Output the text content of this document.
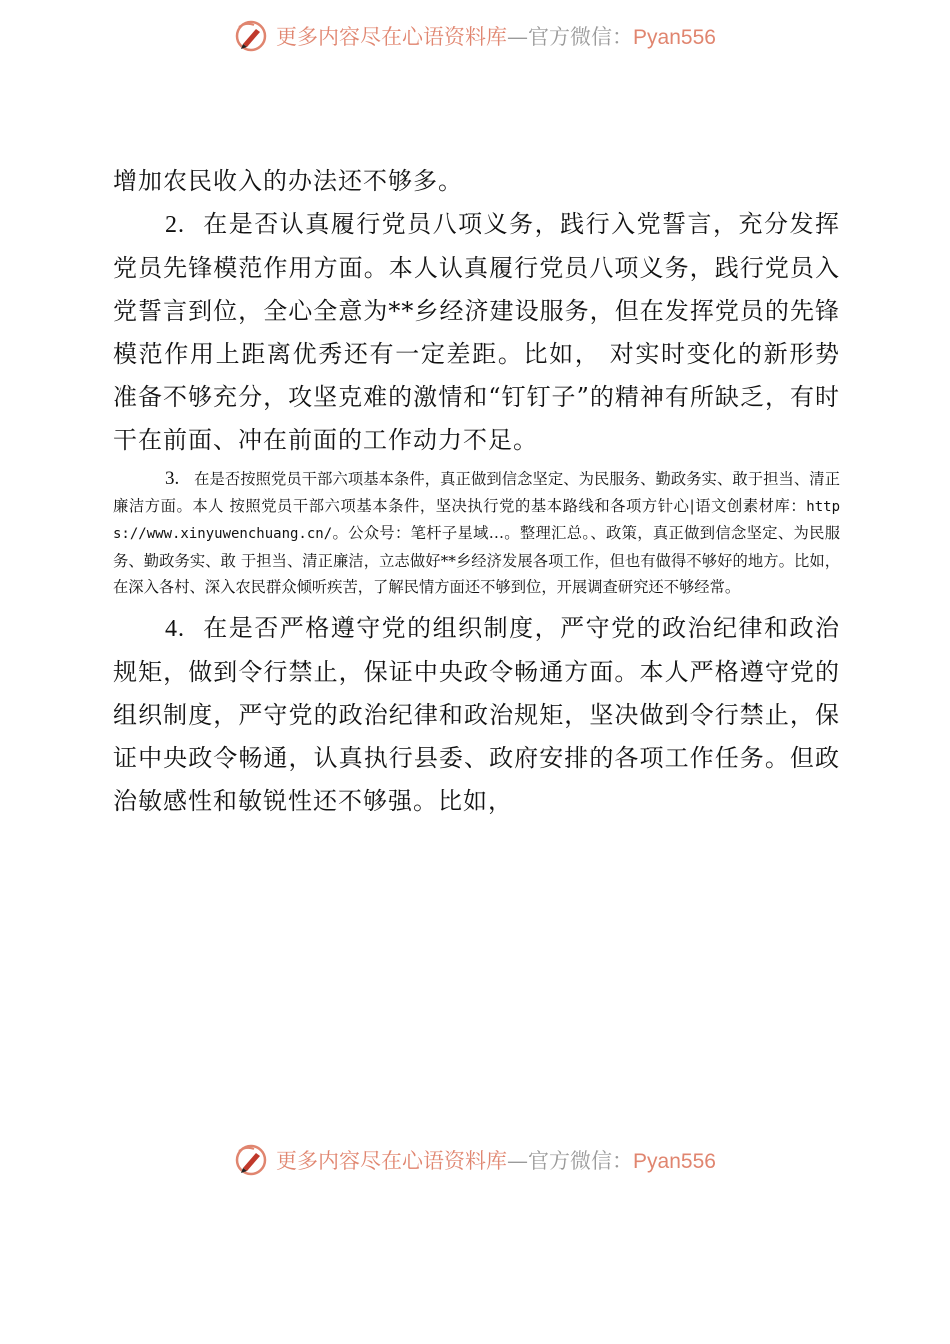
更多内容尽在心语资料库—官方微信：Pyan556

增加农民收入的办法还不够多。

2. 在是否认真履行党员八项义务，践行入党誓言，充分发挥党员先锋模范作用方面。本人认真履行党员八项义务，践行党员入党誓言到位，全心全意为**乡经济建设服务，但在发挥党员的先锋模范作用上距离优秀还有一定差距。比如， 对实时变化的新形势准备不够充分，攻坚克难的激情和“钉钉子”的精神有所缺乏，有时干在前面、冲在前面的工作动力不足。

3. 在是否按照党员干部六项基本条件，真正做到信念坚定、为民服务、勤政务实、敢于担当、清正廉洁方面。本人 按照党员干部六项基本条件，坚决执行党的基本路线和各项方针心|语文创素材库：https://www.xinyuwenchuang.cn/。公众号：笔杆子星域…。整理汇总。、政策，真正做到信念坚定、为民服务、勤政务实、敢 于担当、清正廉洁，立志做好**乡经济发展各项工作，但也有做得不够好的地方。比如，在深入各村、深入农民群众倾听疾苦，了解民情方面还不够到位，开展调查研究还不够经常。

4. 在是否严格遵守党的组织制度，严守党的政治纪律和政治规矩，做到令行禁止，保证中央政令畅通方面。本人严格遵守党的组织制度，严守党的政治纪律和政治规矩，坚决做到令行禁止，保证中央政令畅通，认真执行县委、政府安排的各项工作任务。但政治敏感性和敏锐性还不够强。比如，

更多内容尽在心语资料库—官方微信：Pyan556
